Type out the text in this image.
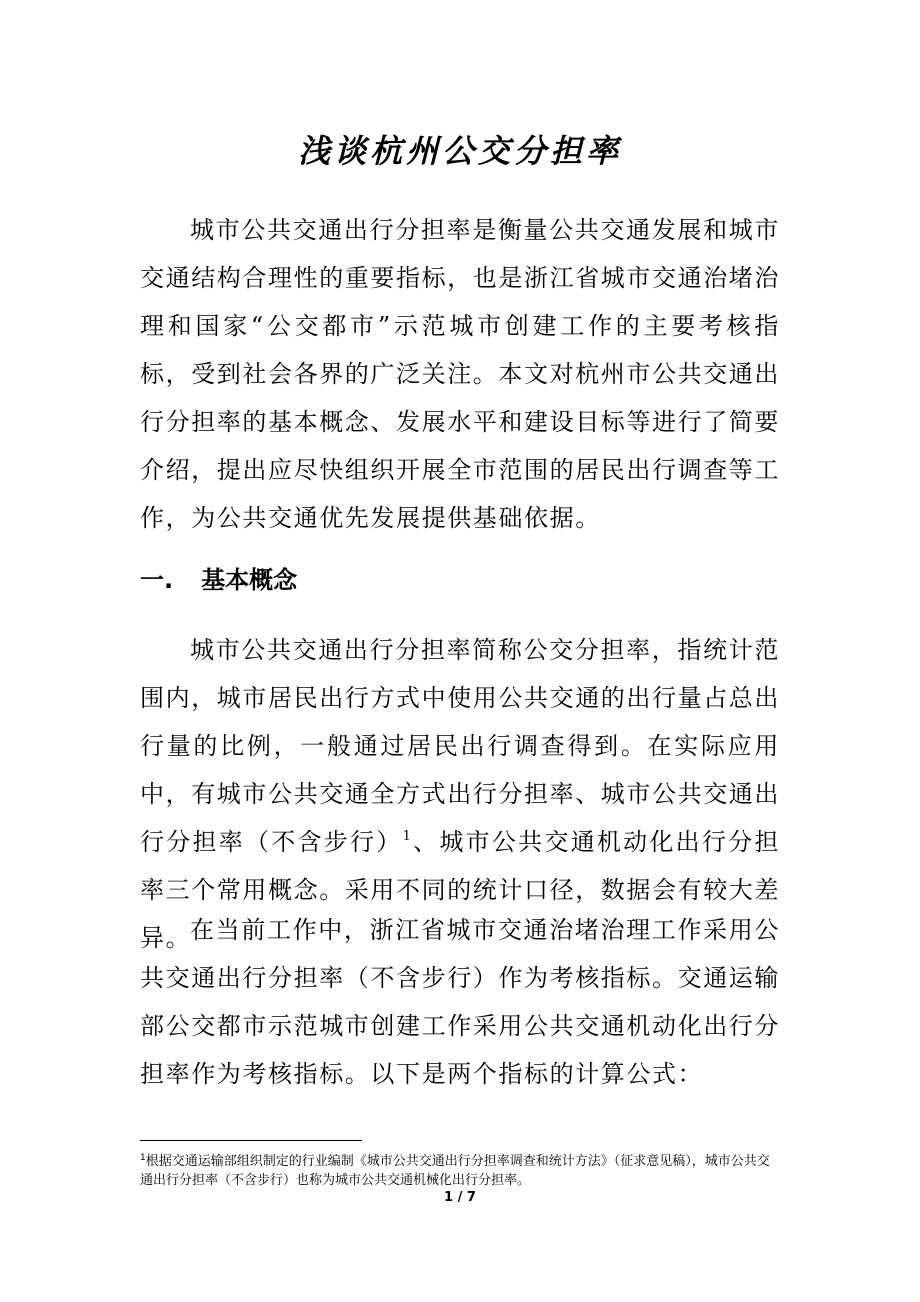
浅谈杭州公交分担率
城市公共交通出行分担率是衡量公共交通发展和城市交通结构合理性的重要指标，也是浙江省城市交通治堵治理和国家“公交都市”示范城市创建工作的主要考核指标，受到社会各界的广泛关注。本文对杭州市公共交通出行分担率的基本概念、发展水平和建设目标等进行了简要介绍，提出应尽快组织开展全市范围的居民出行调查等工作，为公共交通优先发展提供基础依据。
一. 基本概念
城市公共交通出行分担率简称公交分担率，指统计范围内，城市居民出行方式中使用公共交通的出行量占总出行量的比例，一般通过居民出行调查得到。在实际应用中，有城市公共交通全方式出行分担率、城市公共交通出行分担率（不含步行）$^1$、城市公共交通机动化出行分担率三个常用概念。采用不同的统计口径，数据会有较大差异。
在当前工作中，浙江省城市交通治堵治理工作采用公共交通出行分担率（不含步行）作为考核指标。交通运输部公交都市示范城市创建工作采用公共交通机动化出行分担率作为考核指标。以下是两个指标的计算公式：
$^1$根据交通运输部组织制定的行业编制《城市公共交通出行分担率调查和统计方法》（征求意见稿），城市公共交通出行分担率（不含步行）也称为城市公共交通机械化出行分担率。
1 / 7
